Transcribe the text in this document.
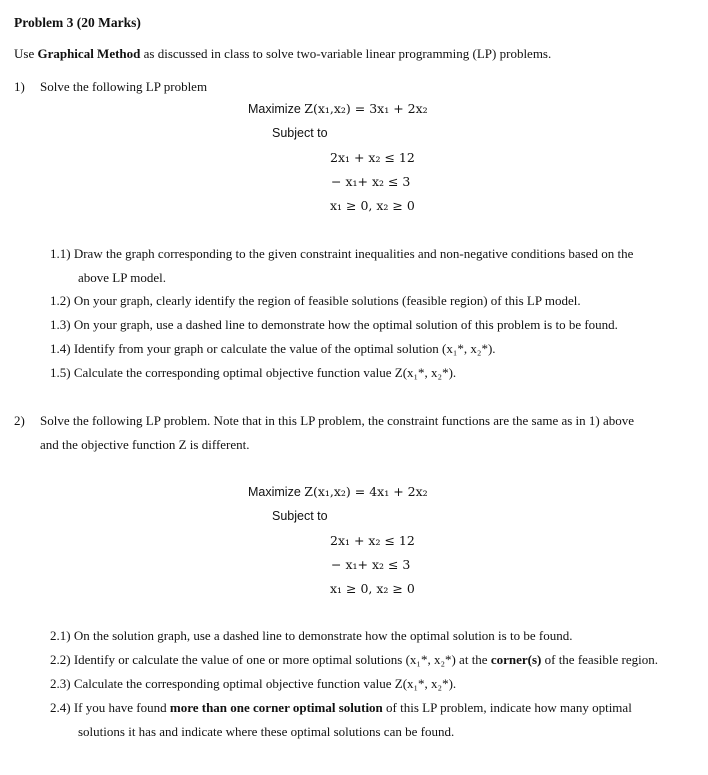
Problem 3 (20 Marks)
Use Graphical Method as discussed in class to solve two-variable linear programming (LP) problems.
1) Solve the following LP problem
Maximize Z(x₁,x₂) = 3x₁ + 2x₂
Subject to
2x₁ + x₂ ≤ 12
− x₁+ x₂ ≤ 3
x₁ ≥ 0, x₂ ≥ 0
1.1) Draw the graph corresponding to the given constraint inequalities and non-negative conditions based on the
above LP model.
1.2) On your graph, clearly identify the region of feasible solutions (feasible region) of this LP model.
1.3) On your graph, use a dashed line to demonstrate how the optimal solution of this problem is to be found.
1.4) Identify from your graph or calculate the value of the optimal solution (x₁*, x₂*).
1.5) Calculate the corresponding optimal objective function value Z(x₁*, x₂*).
2) Solve the following LP problem. Note that in this LP problem, the constraint functions are the same as in 1) above
and the objective function Z is different.
Maximize Z(x₁,x₂) = 4x₁ + 2x₂
Subject to
2x₁ + x₂ ≤ 12
− x₁+ x₂ ≤ 3
x₁ ≥ 0, x₂ ≥ 0
2.1) On the solution graph, use a dashed line to demonstrate how the optimal solution is to be found.
2.2) Identify or calculate the value of one or more optimal solutions (x₁*, x₂*) at the corner(s) of the feasible region.
2.3) Calculate the corresponding optimal objective function value Z(x₁*, x₂*).
2.4) If you have found more than one corner optimal solution of this LP problem, indicate how many optimal
solutions it has and indicate where these optimal solutions can be found.
